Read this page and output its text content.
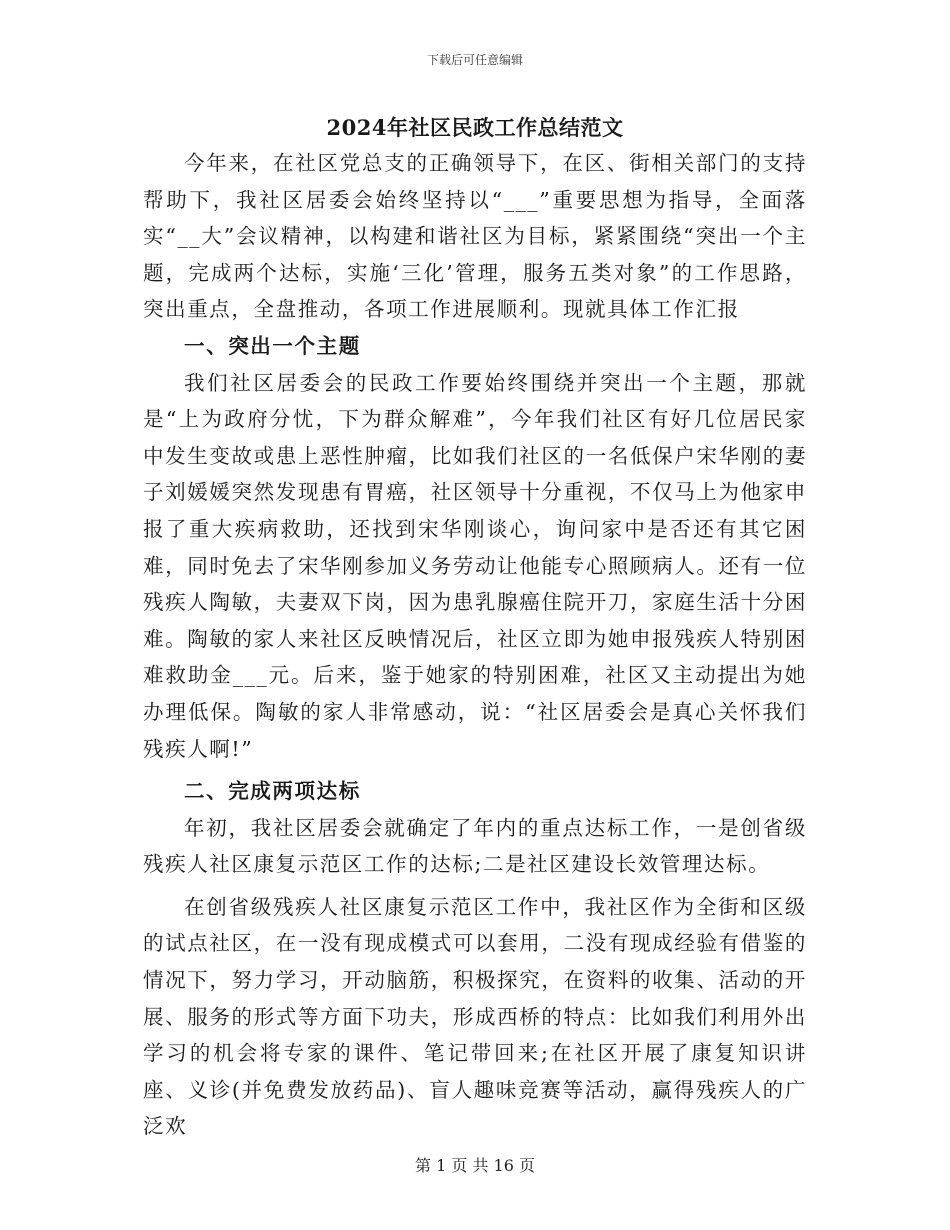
下载后可任意编辑
2024年社区民政工作总结范文

今年来，在社区党总支的正确领导下，在区、街相关部门的支持帮助下，我社区居委会始终坚持以“___”重要思想为指导，全面落实“__大”会议精神，以构建和谐社区为目标，紧紧围绕“突出一个主题，完成两个达标，实施‘三化’管理，服务五类对象”的工作思路，突出重点，全盘推动，各项工作进展顺利。现就具体工作汇报

一、突出一个主题

我们社区居委会的民政工作要始终围绕并突出一个主题，那就是“上为政府分忧，下为群众解难”，今年我们社区有好几位居民家中发生变故或患上恶性肿瘤，比如我们社区的一名低保户宋华刚的妻子刘媛媛突然发现患有胃癌，社区领导十分重视，不仅马上为他家申报了重大疾病救助，还找到宋华刚谈心，询问家中是否还有其它困难，同时免去了宋华刚参加义务劳动让他能专心照顾病人。还有一位残疾人陶敏，夫妻双下岗，因为患乳腺癌住院开刀，家庭生活十分困难。陶敏的家人来社区反映情况后，社区立即为她申报残疾人特别困难救助金___元。后来，鉴于她家的特别困难，社区又主动提出为她办理低保。陶敏的家人非常感动，说：“社区居委会是真心关怀我们残疾人啊!”

二、完成两项达标

年初，我社区居委会就确定了年内的重点达标工作，一是创省级残疾人社区康复示范区工作的达标;二是社区建设长效管理达标。

在创省级残疾人社区康复示范区工作中，我社区作为全街和区级的试点社区，在一没有现成模式可以套用，二没有现成经验有借鉴的情况下，努力学习，开动脑筋，积极探究，在资料的收集、活动的开展、服务的形式等方面下功夫，形成西桥的特点：比如我们利用外出学习的机会将专家的课件、笔记带回来;在社区开展了康复知识讲座、义诊(并免费发放药品)、盲人趣味竞赛等活动，赢得残疾人的广泛欢

第 1 页 共 16 页
